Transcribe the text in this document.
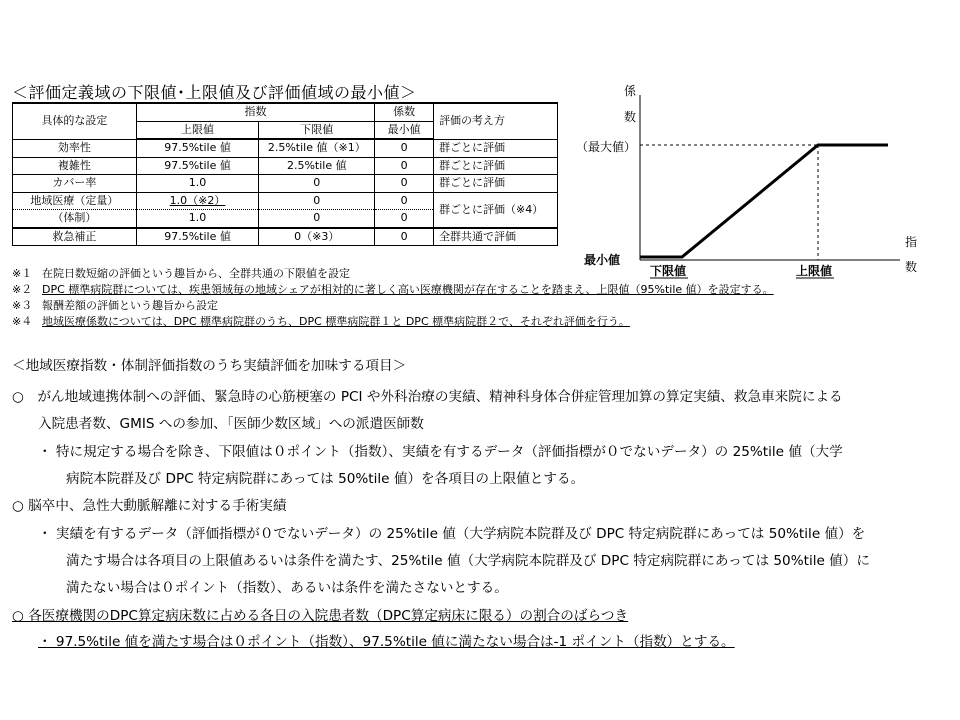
＜評価定義域の下限値･上限値及び評価値域の最小値＞
具体的な設定	指数		係数	評価の考え方
	上限値	下限値	最小値	
効率性	97.5%tile 値	2.5%tile 値（※1）	0	群ごとに評価
複雑性	97.5%tile 値	2.5%tile 値	0	群ごとに評価
カバー率	1.0	0	0	群ごとに評価
地域医療（定量）	1.0（※2）	0	0	群ごとに評価（※4）
（体制）	1.0	0	0	
救急補正	97.5%tile 値	0（※3）	0	全群共通で評価
※１ 在院日数短縮の評価という趣旨から、全群共通の下限値を設定
※２ DPC 標準病院群については、疾患領域毎の地域シェアが相対的に著しく高い医療機関が存在することを踏まえ、上限値（95%tile 値）を設定する。
※３ 報酬差額の評価という趣旨から設定
※４ 地域医療係数については、DPC 標準病院群のうち、DPC 標準病院群１と DPC 標準病院群２で、それぞれ評価を行う。
係
数
（最大値）
最小値
下限値	上限値
指
数
＜地域医療指数・体制評価指数のうち実績評価を加味する項目＞
○　がん地域連携体制への評価、緊急時の心筋梗塞の PCI や外科治療の実績、精神科身体合併症管理加算の算定実績、救急車来院による
入院患者数、GMIS への参加、「医師少数区域」への派遣医師数
・ 特に規定する場合を除き、下限値は０ポイント（指数）、実績を有するデータ（評価指標が０でないデータ）の 25%tile 値（大学
病院本院群及び DPC 特定病院群にあっては 50%tile 値）を各項目の上限値とする。
○ 脳卒中、急性大動脈解離に対する手術実績
・ 実績を有するデータ（評価指標が０でないデータ）の 25%tile 値（大学病院本院群及び DPC 特定病院群にあっては 50%tile 値）を
満たす場合は各項目の上限値あるいは条件を満たす、25%tile 値（大学病院本院群及び DPC 特定病院群にあっては 50%tile 値）に
満たない場合は０ポイント（指数）、あるいは条件を満たさないとする。
○ 各医療機関のDPC算定病床数に占める各日の入院患者数（DPC算定病床に限る）の割合のばらつき
・ 97.5%tile 値を満たす場合は０ポイント（指数）、97.5%tile 値に満たない場合は-1 ポイント（指数）とする。
